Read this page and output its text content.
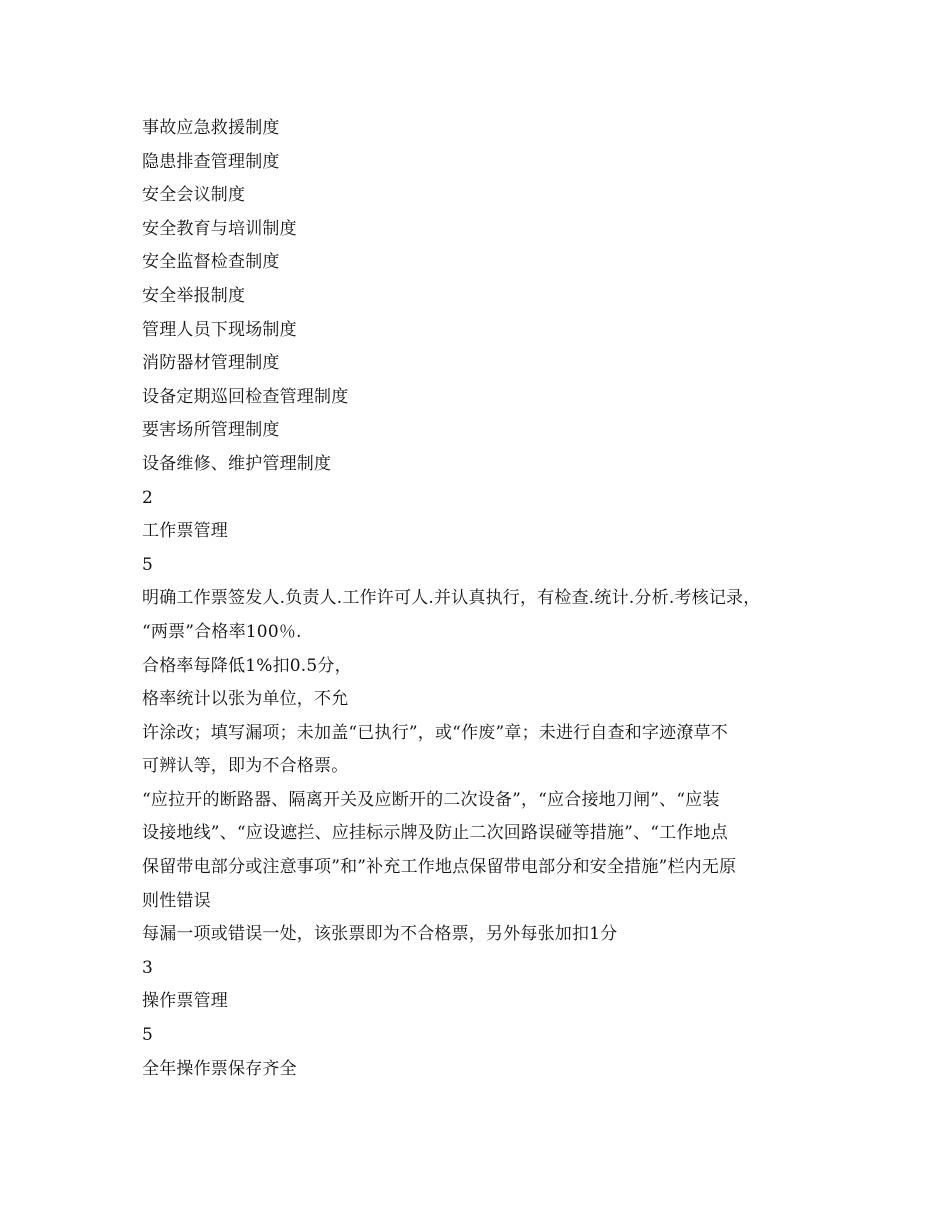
事故应急救援制度

隐患排查管理制度

安全会议制度

安全教育与培训制度

安全监督检查制度

安全举报制度

管理人员下现场制度

消防器材管理制度

设备定期巡回检查管理制度

要害场所管理制度

设备维修、维护管理制度

2

工作票管理

5

明确工作票签发人.负责人.工作许可人.并认真执行，有检查.统计.分析.考核记录，

“两票”合格率100％.

合格率每降低1%扣0.5分，

格率统计以张为单位，不允

许涂改；填写漏项；未加盖“已执行”，或“作废”章；未进行自查和字迹潦草不

可辨认等，即为不合格票。

“应拉开的断路器、隔离开关及应断开的二次设备”，“应合接地刀闸”、“应装

设接地线”、“应设遮拦、应挂标示牌及防止二次回路误碰等措施”、“工作地点

保留带电部分或注意事项”和”补充工作地点保留带电部分和安全措施”栏内无原

则性错误

每漏一项或错误一处，该张票即为不合格票，另外每张加扣1分

3

操作票管理

5

全年操作票保存齐全
